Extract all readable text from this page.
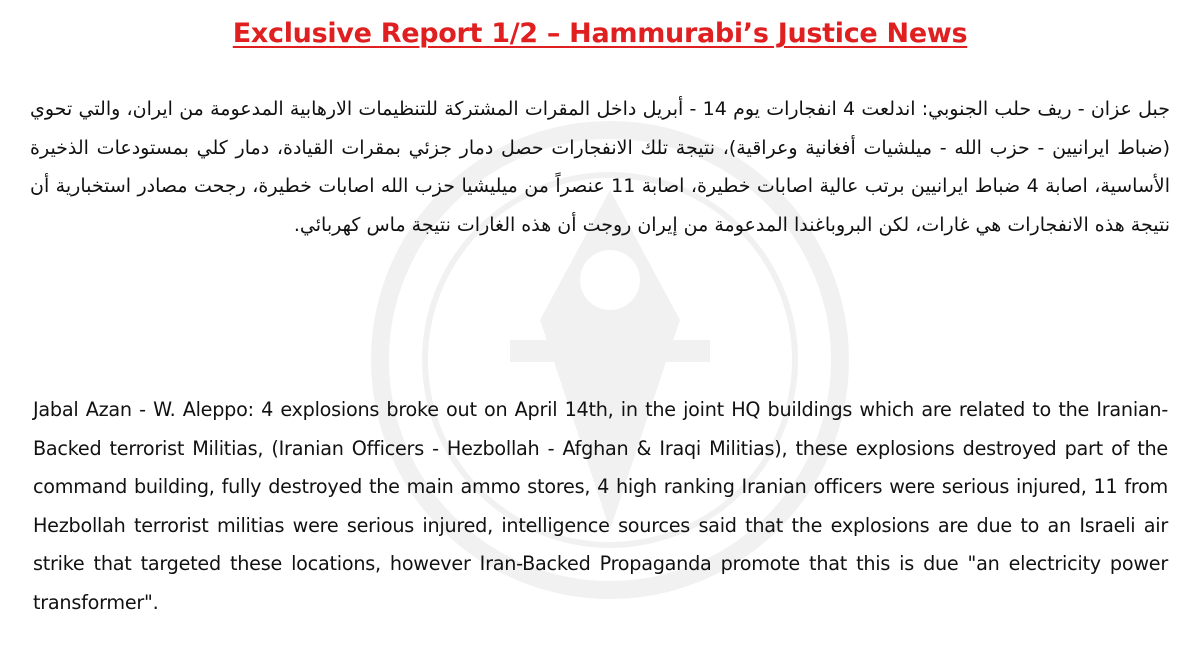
Exclusive Report 1/2 – Hammurabi’s Justice News
جبل عزان - ريف حلب الجنوبي: اندلعت 4 انفجارات يوم 14 - أبريل داخل المقرات المشتركة للتنظيمات الارهابية المدعومة من ايران، والتي تحوي (ضباط ايرانيين - حزب الله - ميلشيات أفغانية وعراقية)، نتيجة تلك الانفجارات حصل دمار جزئي بمقرات القيادة، دمار كلي بمستودعات الذخيرة الأساسية، اصابة 4 ضباط ايرانيين برتب عالية اصابات خطيرة، اصابة 11 عنصراً من ميليشيا حزب الله اصابات خطيرة، رجحت مصادر استخبارية أن نتيجة هذه الانفجارات هي غارات، لكن البروباغندا المدعومة من إيران روجت أن هذه الغارات نتيجة ماس كهربائي.
Jabal Azan - W. Aleppo: 4 explosions broke out on April 14th, in the joint HQ buildings which are related to the Iranian-Backed terrorist Militias, (Iranian Officers - Hezbollah - Afghan & Iraqi Militias), these explosions destroyed part of the command building, fully destroyed the main ammo stores, 4 high ranking Iranian officers were serious injured, 11 from Hezbollah terrorist militias were serious injured, intelligence sources said that the explosions are due to an Israeli air strike that targeted these locations, however Iran-Backed Propaganda promote that this is due "an electricity power transformer".
